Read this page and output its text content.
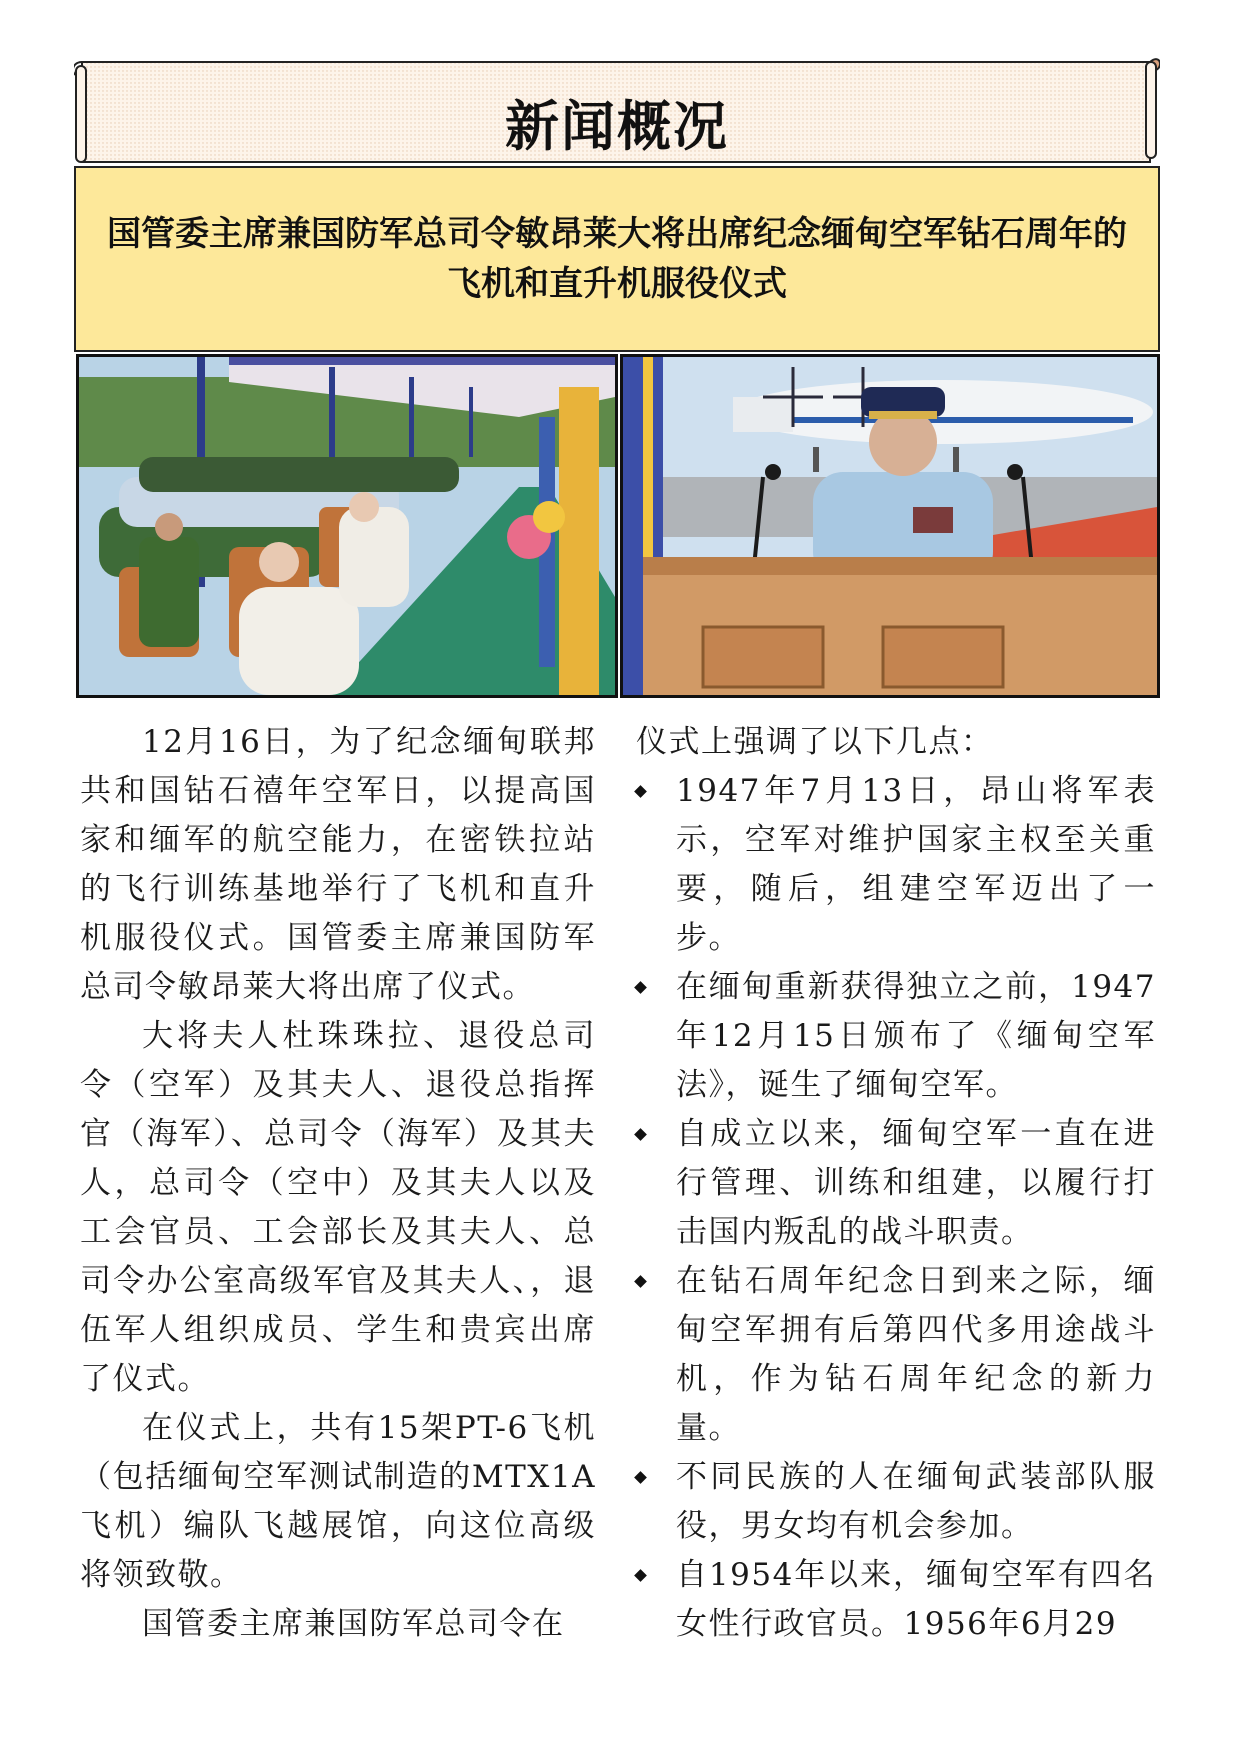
新闻概况
国管委主席兼国防军总司令敏昂莱大将出席纪念缅甸空军钻石周年的飞机和直升机服役仪式

12月16日，为了纪念缅甸联邦共和国钻石禧年空军日，以提高国家和缅军的航空能力，在密铁拉站的飞行训练基地举行了飞机和直升机服役仪式。国管委主席兼国防军总司令敏昂莱大将出席了仪式。

大将夫人杜珠珠拉、退役总司令（空军）及其夫人、退役总指挥官（海军）、总司令（海军）及其夫人，总司令（空中）及其夫人以及工会官员、工会部长及其夫人、总司令办公室高级军官及其夫人、，退伍军人组织成员、学生和贵宾出席了仪式。

在仪式上，共有15架PT-6飞机（包括缅甸空军测试制造的MTX1A飞机）编队飞越展馆，向这位高级将领致敬。

国管委主席兼国防军总司令在

仪式上强调了以下几点：

1947年7月13日，昂山将军表示，空军对维护国家主权至关重要，随后，组建空军迈出了一步。
在缅甸重新获得独立之前，1947年12月15日颁布了《缅甸空军法》，诞生了缅甸空军。
自成立以来，缅甸空军一直在进行管理、训练和组建，以履行打击国内叛乱的战斗职责。
在钻石周年纪念日到来之际，缅甸空军拥有后第四代多用途战斗机，作为钻石周年纪念的新力量。
不同民族的人在缅甸武装部队服役，男女均有机会参加。
自1954年以来，缅甸空军有四名女性行政官员。1956年6月29
